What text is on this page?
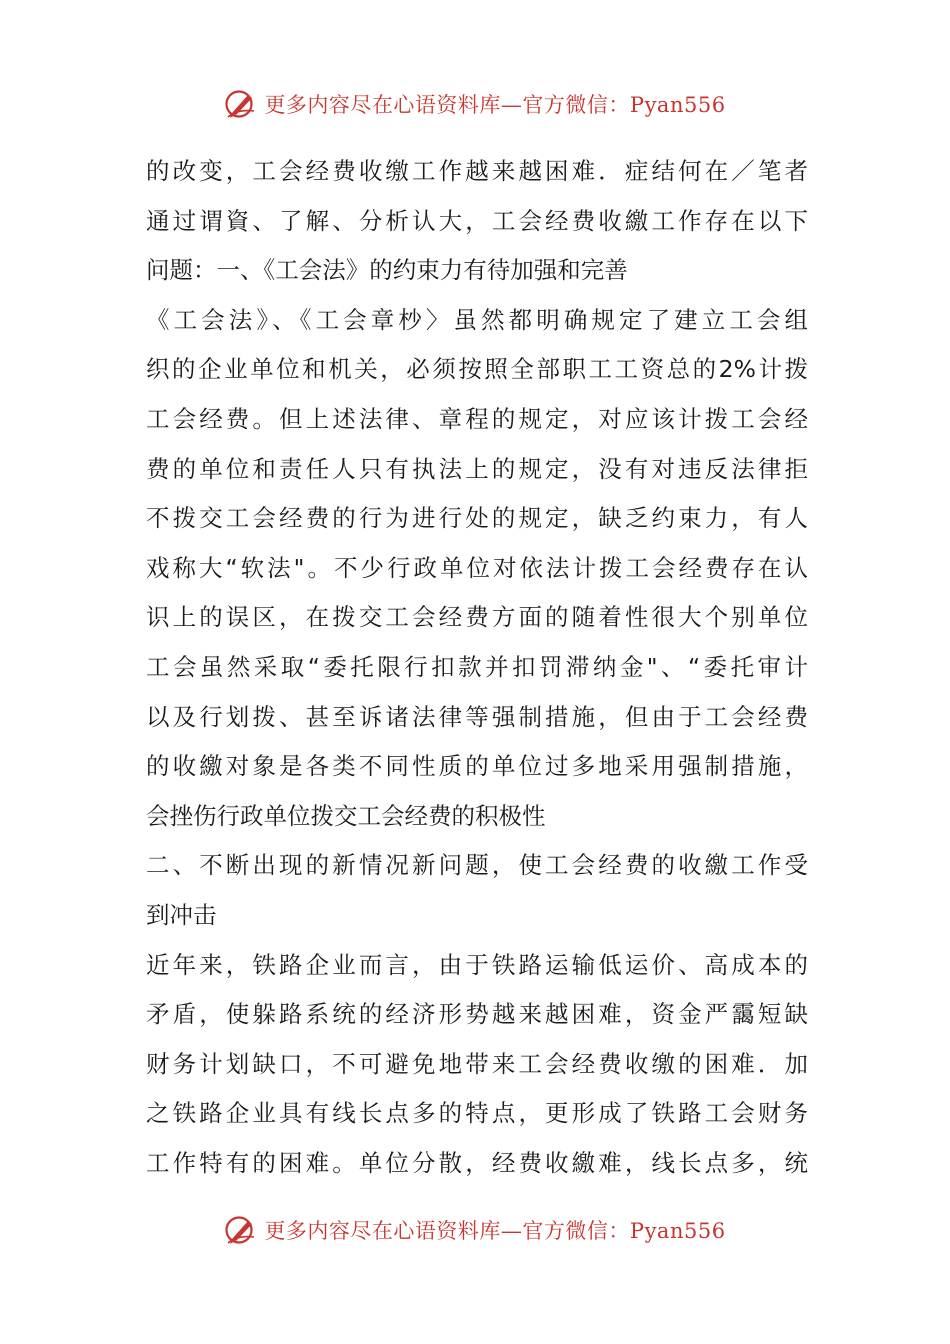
更多内容尽在心语资料库—官方微信：Pyan556
的改变，工会经费收缴工作越来越困难．症结何在／笔者
通过谓資、了解、分析认大，工会经费收繳工作存在以下
问题：一、《工会法》的约束力有待加强和完善
《工会法》、《工会章杪〉虽然都明确规定了建立工会组
织的企业单位和机关，必须按照全部职工工资总的2%计拨
工会经费。但上述法律、章程的规定，对应该计拨工会经
费的单位和责任人只有执法上的规定，没有对违反法律拒
不拨交工会经费的行为进行处的规定，缺乏约束力，有人
戏称大“软法"。不少行政单位对依法计拨工会经费存在认
识上的误区，在拨交工会经费方面的随着性很大个别单位
工会虽然采取“委托限行扣款并扣罚滞纳金"、“委托审计
以及行划拨、甚至诉诸法律等强制措施，但由于工会经费
的收繳对象是各类不同性质的单位过多地采用强制措施，
会挫伤行政单位拨交工会经费的积极性
二、不断出现的新情况新问题，使工会经费的收繳工作受
到冲击
近年来，铁路企业而言，由于铁路运输低运价、高成本的
矛盾，使躲路系统的经济形势越来越困难，资金严靄短缺
财务计划缺口，不可避免地带来工会经费收缴的困难．加
之铁路企业具有线长点多的特点，更形成了铁路工会财务
工作特有的困难。单位分散，经费收繳难，线长点多，统
更多内容尽在心语资料库—官方微信：Pyan556
